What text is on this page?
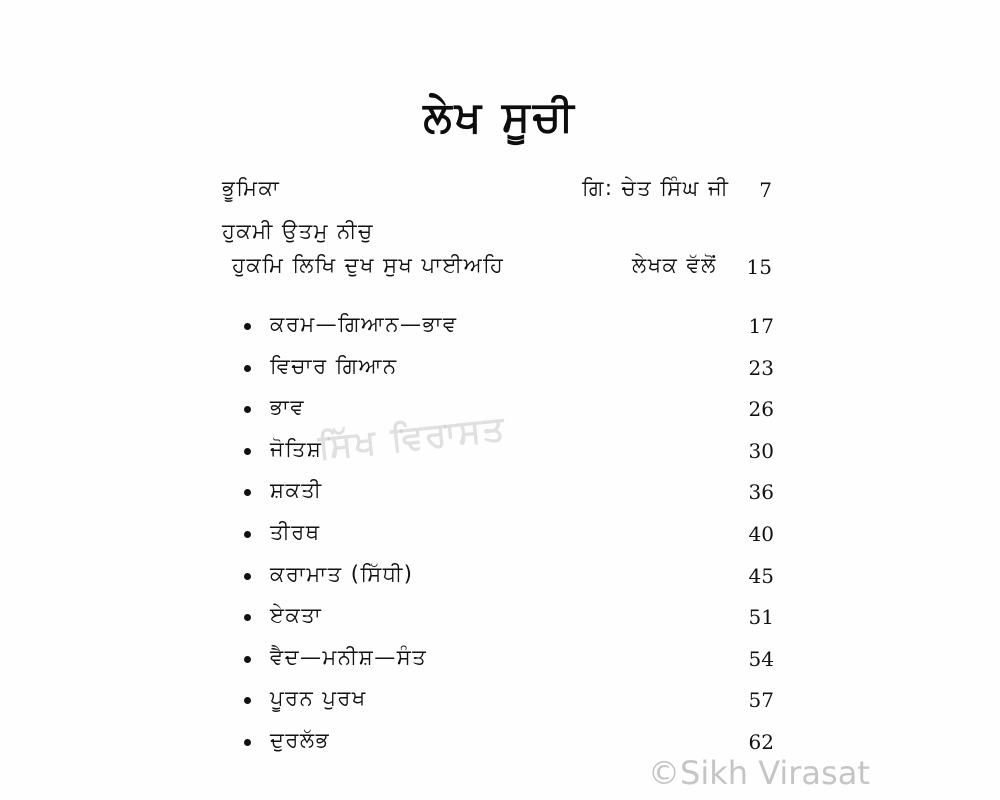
ਲੇਖ ਸੂਚੀ
ਭੂਮਿਕਾ	ਗਿ: ਚੇਤ ਸਿੰਘ ਜੀ	7
ਹੁਕਮੀ ਉਤਮੁ ਨੀਚੁ
ਹੁਕਮਿ ਲਿਖਿ ਦੁਖ ਸੁਖ ਪਾਈਅਹਿ	ਲੇਖਕ ਵੱਲੋਂ	15
ਕਰਮ—ਗਿਆਨ—ਭਾਵ	17
ਵਿਚਾਰ ਗਿਆਨ	23
ਭਾਵ	26
ਜੋਤਿਸ਼	30
ਸ਼ਕਤੀ	36
ਤੀਰਥ	40
ਕਰਾਮਾਤ (ਸਿੱਧੀ)	45
ਏਕਤਾ	51
ਵੈਦ—ਮਨੀਸ਼—ਸੰਤ	54
ਪੂਰਨ ਪੁਰਖ	57
ਦੁਰਲੱਭ	62
ਸਿੱਖ ਵਿਰਾਸਤ
©Sikh Virasat
